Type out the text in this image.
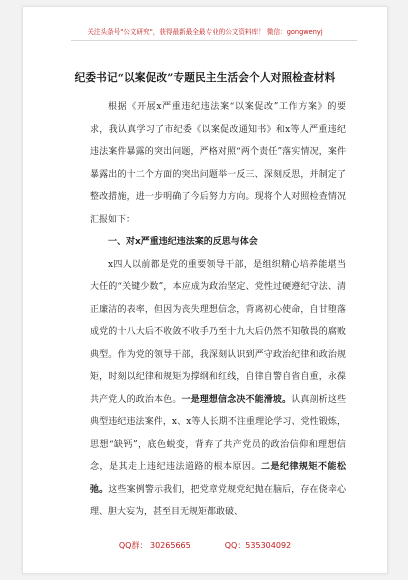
关注头条号"公文研究"，获得最新最全最专业的公文资料库！ 微信：gongwenyj
纪委书记“以案促改”专题民主生活会个人对照检查材料

根据《开展x严重违纪违法案“以案促改”工作方案》的要求，我认真学习了市纪委《以案促改通知书》和x等人严重违纪违法案件暴露的突出问题，严格对照“两个责任”落实情况，案件暴露出的十二个方面的突出问题举一反三、深刻反思，并制定了整改措施，进一步明确了今后努力方向。现将个人对照检查情况汇报如下：

一、对x严重违纪违法案的反思与体会

x四人以前都是党的重要领导干部，是组织精心培养能堪当大任的“关键少数”，本应成为政治坚定、党性过硬遵纪守法、清正廉洁的表率，但因为丧失理想信念，背离初心使命，自甘堕落成党的十八大后不收敛不收手乃至十九大后仍然不知敬畏的腐败典型。作为党的领导干部，我深刻认识到严守政治纪律和政治规矩，时刻以纪律和规矩为撑纲和红线，自律自警自省自重，永葆共产党人的政治本色。一是理想信念决不能滑坡。认真剖析这些典型违纪违法案件，x、x等人长期不注重理论学习、党性锻炼，思想“缺钙”，底色蜕变，背弃了共产党员的政治信仰和理想信念，是其走上违纪违法道路的根本原因。二是纪律规矩不能松弛。这些案例警示我们，把党章党规党纪抛在脑后，存在侥幸心理、胆大妄为，甚至目无规矩都敢破、

QQ群： 30265665	QQ：535304092
